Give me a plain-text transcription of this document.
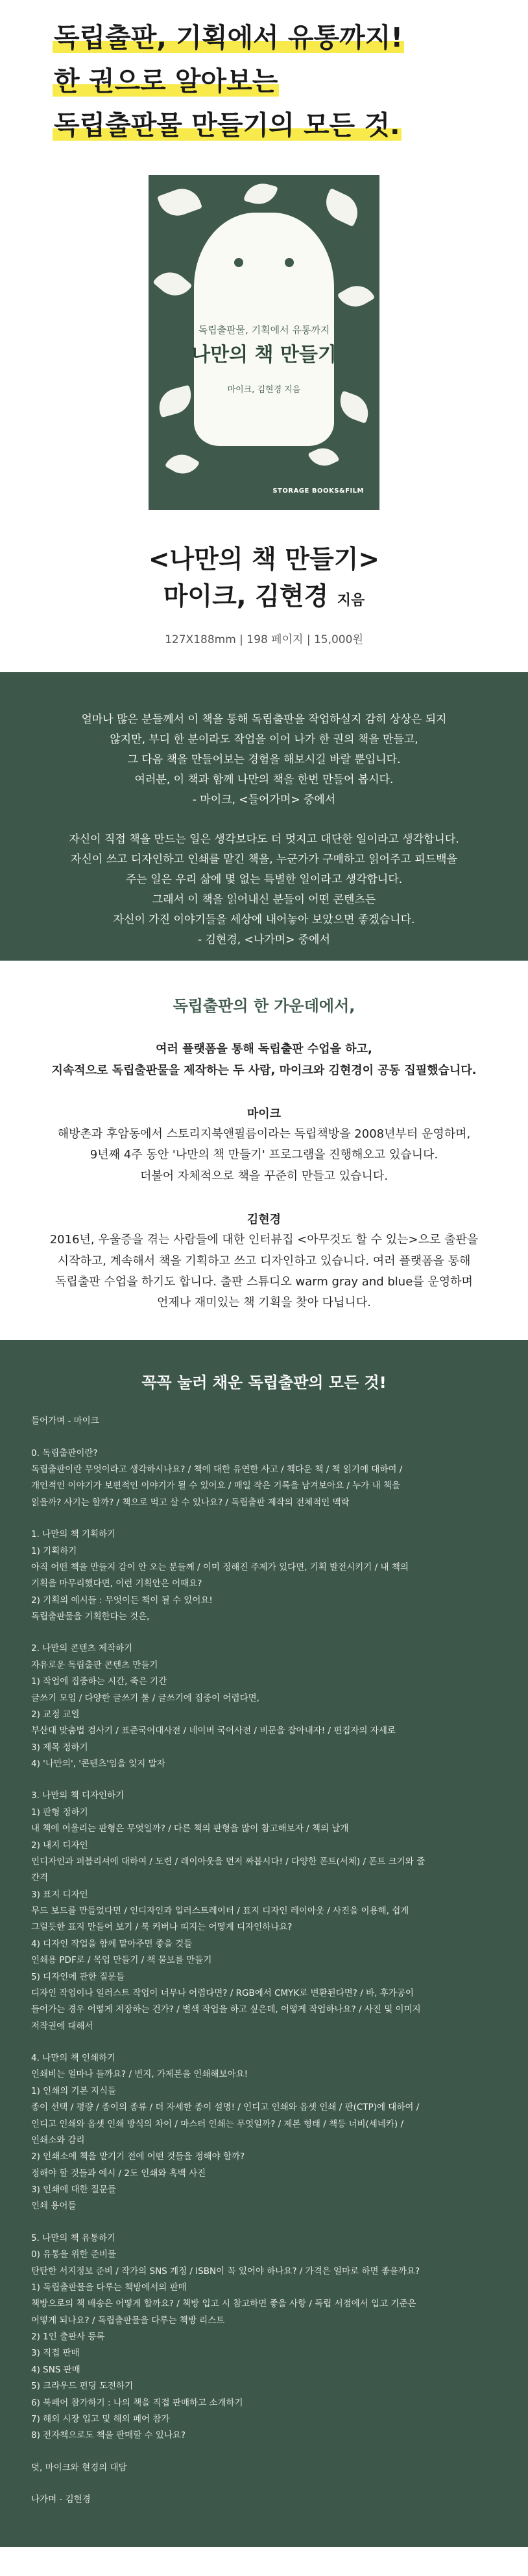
독립출판, 기획에서 유통까지!
한 권으로 알아보는
독립출판물 만들기의 모든 것.
독립출판물, 기획에서 유통까지
나만의 책 만들기
마이크, 김현경 지음
STORAGE BOOKS&FILM
<나만의 책 만들기>
마이크, 김현경 지음
127X188mm | 198 페이지 | 15,000원
얼마나 많은 분들께서 이 책을 통해 독립출판을 작업하실지 감히 상상은 되지
않지만, 부디 한 분이라도 작업을 이어 나가 한 권의 책을 만들고,
그 다음 책을 만들어보는 경험을 해보시길 바랄 뿐입니다.
여러분, 이 책과 함께 나만의 책을 한번 만들어 봅시다.
- 마이크, <들어가며> 중에서
자신이 직접 책을 만드는 일은 생각보다도 더 멋지고 대단한 일이라고 생각합니다.
자신이 쓰고 디자인하고 인쇄를 맡긴 책을, 누군가가 구매하고 읽어주고 피드백을
주는 일은 우리 삶에 몇 없는 특별한 일이라고 생각합니다.
그래서 이 책을 읽어내신 분들이 어떤 콘텐츠든
자신이 가진 이야기들을 세상에 내어놓아 보았으면 좋겠습니다.
- 김현경, <나가며> 중에서
독립출판의 한 가운데에서,
여러 플랫폼을 통해 독립출판 수업을 하고,
지속적으로 독립출판물을 제작하는 두 사람, 마이크와 김현경이 공동 집필했습니다.
마이크
해방촌과 후암동에서 스토리지북앤필름이라는 독립책방을 2008년부터 운영하며,
9년째 4주 동안 '나만의 책 만들기' 프로그램을 진행해오고 있습니다.
더불어 자체적으로 책을 꾸준히 만들고 있습니다.
김현경
2016년, 우울증을 겪는 사람들에 대한 인터뷰집 <아무것도 할 수 있는>으로 출판을
시작하고, 계속해서 책을 기획하고 쓰고 디자인하고 있습니다. 여러 플랫폼을 통해
독립출판 수업을 하기도 합니다. 출판 스튜디오 warm gray and blue를 운영하며
언제나 재미있는 책 기획을 찾아 다닙니다.
꼭꼭 눌러 채운 독립출판의 모든 것!
들어가며 - 마이크
0. 독립출판이란?
독립출판이란 무엇이라고 생각하시나요? / 책에 대한 유연한 사고 / 책다운 책 / 책 읽기에 대하여 /
개인적인 이야기가 보편적인 이야기가 될 수 있어요 / 매일 작은 기록을 남겨보아요 / 누가 내 책을
읽을까? 사기는 할까? / 책으로 먹고 살 수 있나요? / 독립출판 제작의 전체적인 맥락
1. 나만의 책 기획하기
1) 기획하기
아직 어떤 책을 만들지 감이 안 오는 분들께 / 이미 정해진 주제가 있다면, 기획 발전시키기 / 내 책의
기획을 마무리했다면, 이런 기획안은 어때요?
2) 기획의 예시들 : 무엇이든 책이 될 수 있어요!
독립출판물을 기획한다는 것은,
2. 나만의 콘텐츠 제작하기
자유로운 독립출판 콘텐츠 만들기
1) 작업에 집중하는 시간, 죽은 기간
글쓰기 모임 / 다양한 글쓰기 툴 / 글쓰기에 집중이 어렵다면,
2) 교정 교열
부산대 맞춤법 검사기 / 표준국어대사전 / 네이버 국어사전 / 비문을 잡아내자! / 편집자의 자세로
3) 제목 정하기
4) '나만의', '콘텐츠'임을 잊지 말자
3. 나만의 책 디자인하기
1) 판형 정하기
내 책에 어울리는 판형은 무엇일까? / 다른 책의 판형을 많이 참고해보자 / 책의 날개
2) 내지 디자인
인디자인과 퍼블리셔에 대하여 / 도련 / 레이아웃을 먼저 짜봅시다! / 다양한 폰트(서체) / 폰트 크기와 줄
간격
3) 표지 디자인
무드 보드를 만들었다면 / 인디자인과 일러스트레이터 / 표지 디자인 레이아웃 / 사진을 이용해, 쉽게
그럴듯한 표지 만들어 보기 / 북 커버나 띠지는 어떻게 디자인하나요?
4) 디자인 작업을 함께 맡아주면 좋을 것들
인쇄용 PDF로 / 목업 만들기 / 책 물보를 만들기
5) 디자인에 관한 질문들
디자인 작업이나 일러스트 작업이 너무나 어렵다면? / RGB에서 CMYK로 변환된다면? / 바, 후가공이
들어가는 경우 어떻게 저장하는 건가? / 별색 작업을 하고 싶은데, 어떻게 작업하나요? / 사진 및 이미지
저작권에 대해서
4. 나만의 책 인쇄하기
인쇄비는 얼마나 들까요? / 번지, 가제본을 인쇄해보아요!
1) 인쇄의 기본 지식들
종이 선택 / 평량 / 종이의 종류 / 더 자세한 종이 설명! / 인디고 인쇄와 옵셋 인쇄 / 판(CTP)에 대하여 /
인디고 인쇄와 옵셋 인쇄 방식의 차이 / 마스터 인쇄는 무엇일까? / 제본 형태 / 책등 너비(세네카) /
인쇄소와 감리
2) 인쇄소에 책을 맡기기 전에 어떤 것들을 정해야 할까?
정해야 할 것들과 예시 / 2도 인쇄와 흑백 사진
3) 인쇄에 대한 질문들
인쇄 용어들
5. 나만의 책 유통하기
0) 유통을 위한 준비물
탄탄한 서지정보 준비 / 작가의 SNS 계정 / ISBN이 꼭 있어야 하나요? / 가격은 얼마로 하면 좋을까요?
1) 독립출판물을 다루는 책방에서의 판매
책방으로의 책 배송은 어떻게 할까요? / 책방 입고 시 참고하면 좋을 사항 / 독립 서점에서 입고 기준은
어떻게 되나요? / 독립출판물을 다루는 책방 리스트
2) 1인 출판사 등록
3) 직접 판매
4) SNS 판매
5) 크라우드 펀딩 도전하기
6) 북페어 참가하기 : 나의 책을 직접 판매하고 소개하기
7) 해외 시장 입고 및 해외 페어 참가
8) 전자책으로도 책을 판매할 수 있나요?
덧, 마이크와 현경의 대담
나가며 - 김현경
